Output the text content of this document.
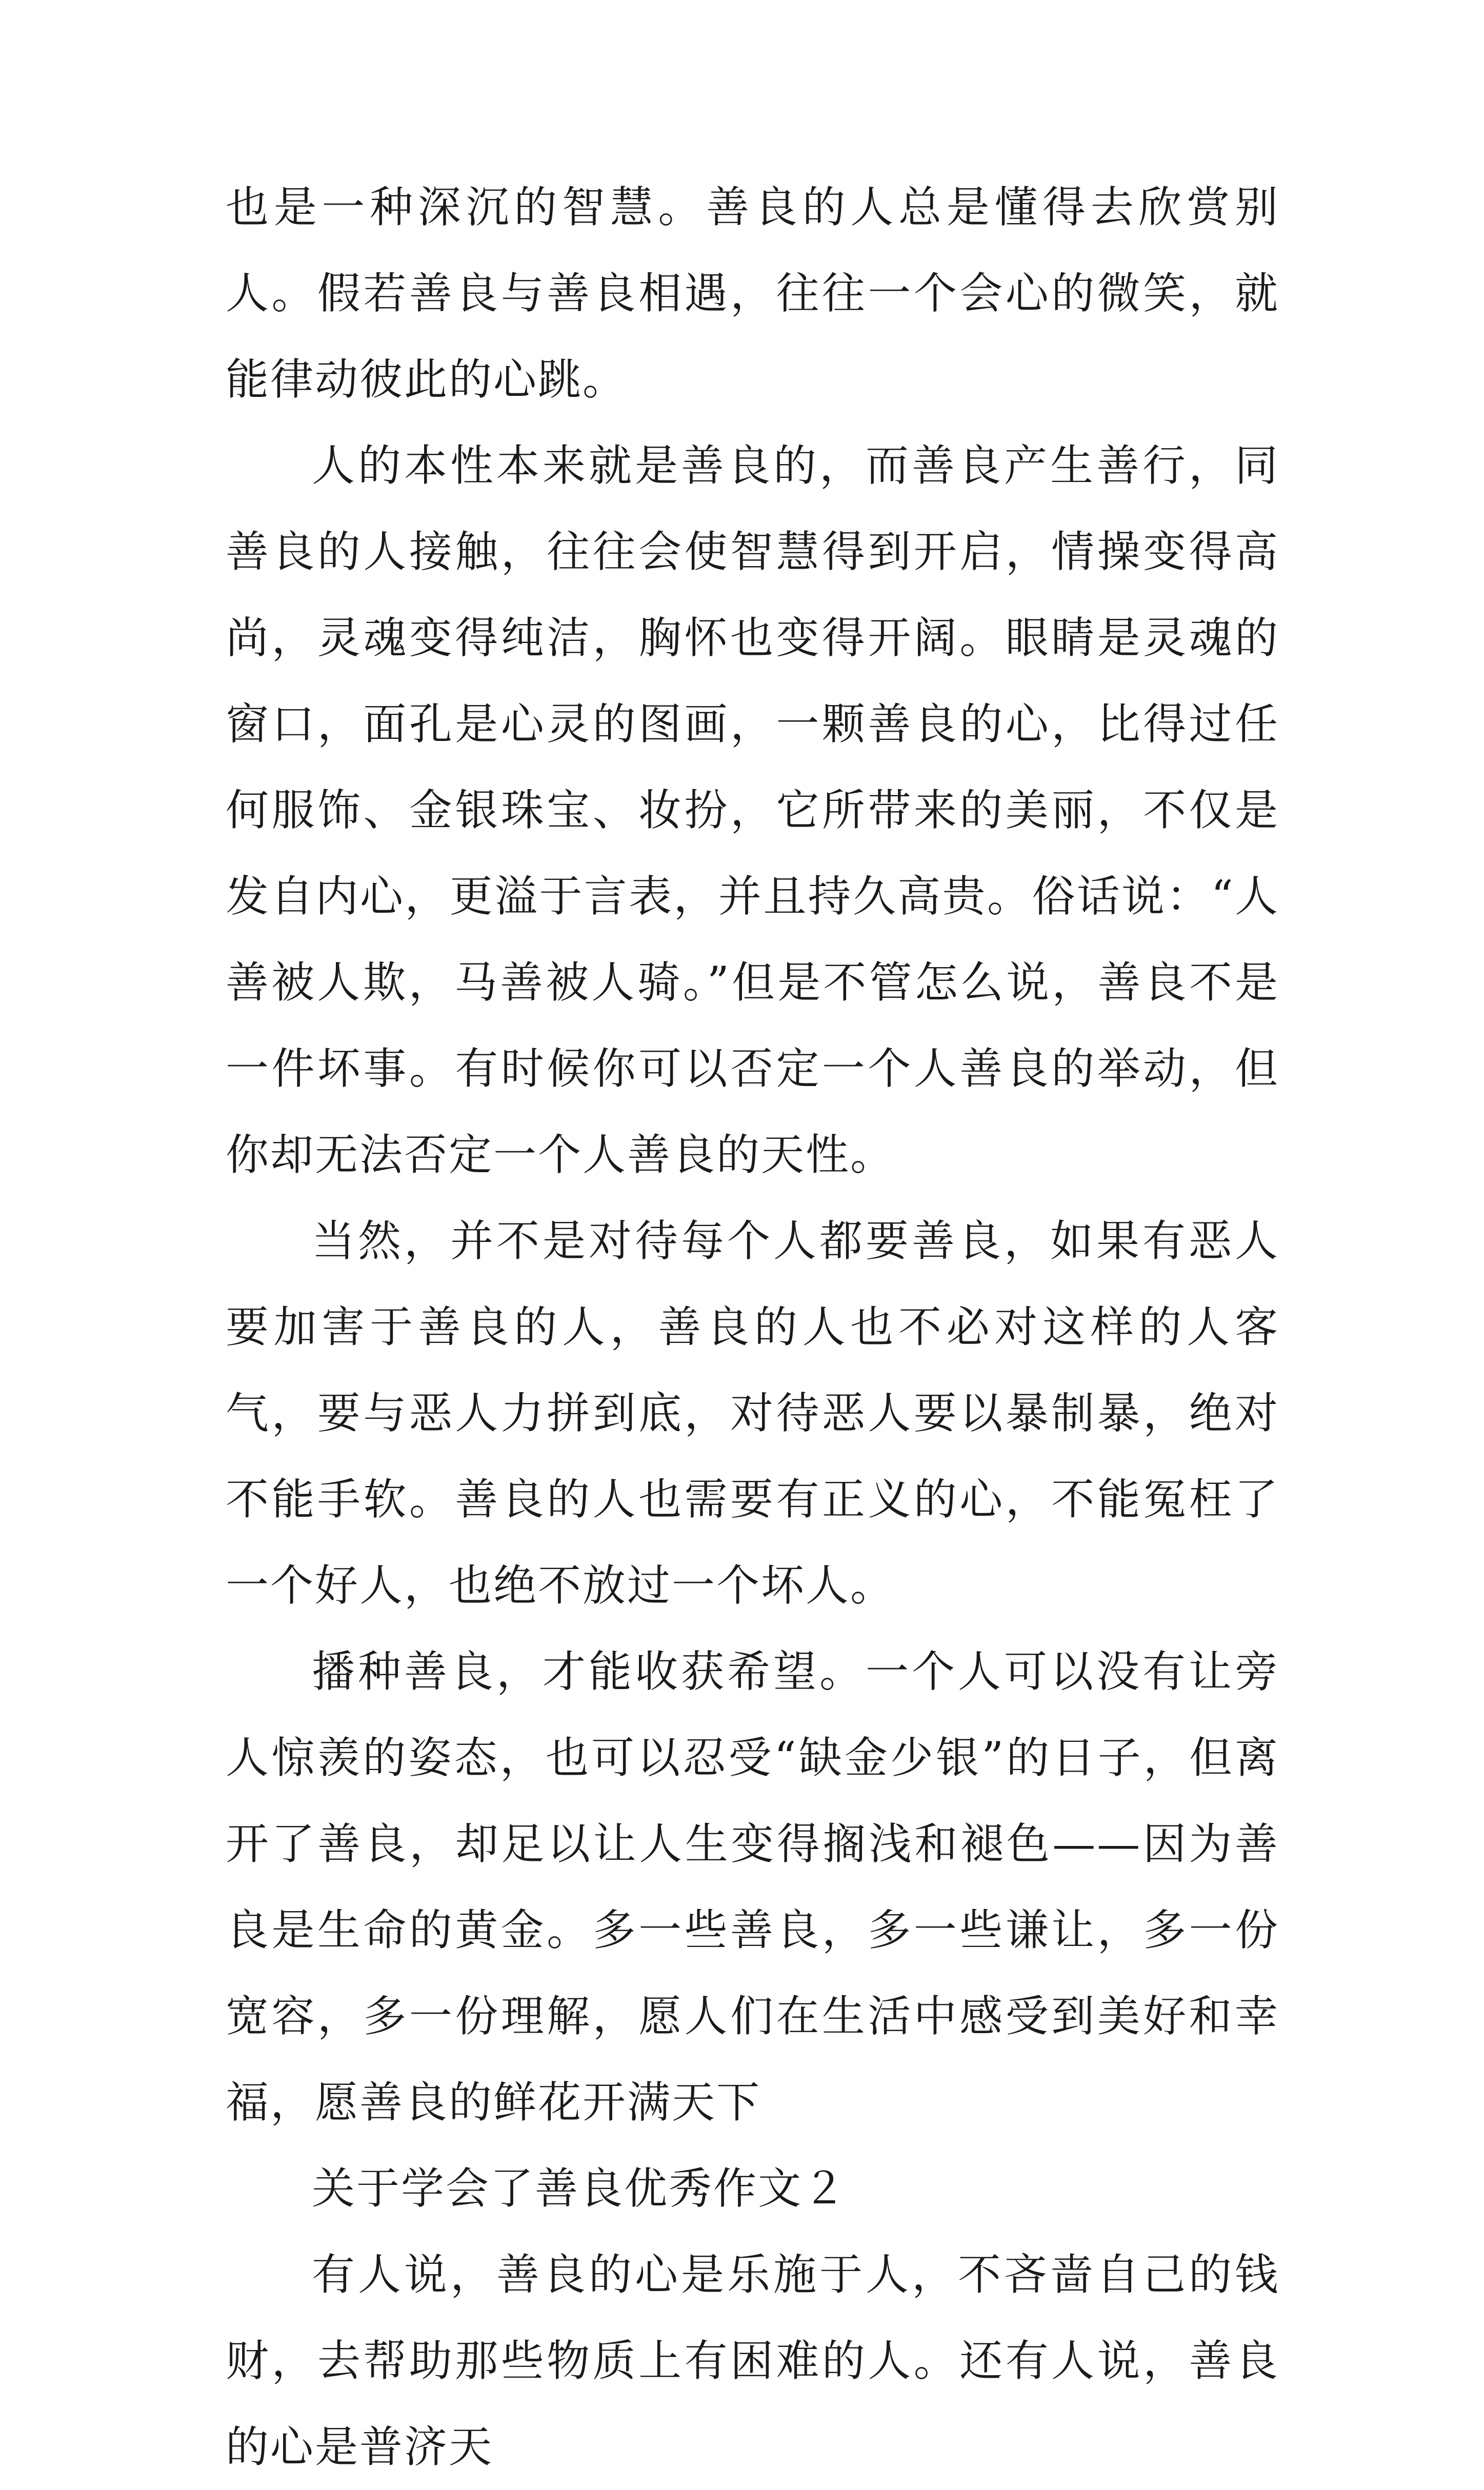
也是一种深沉的智慧。善良的人总是懂得去欣赏别人。假若善良与善良相遇，往往一个会心的微笑，就能律动彼此的心跳。

人的本性本来就是善良的，而善良产生善行，同善良的人接触，往往会使智慧得到开启，情操变得高尚，灵魂变得纯洁，胸怀也变得开阔。眼睛是灵魂的窗口，面孔是心灵的图画，一颗善良的心，比得过任何服饰、金银珠宝、妆扮，它所带来的美丽，不仅是发自内心，更溢于言表，并且持久高贵。俗话说：“人善被人欺，马善被人骑。”但是不管怎么说，善良不是一件坏事。有时候你可以否定一个人善良的举动，但你却无法否定一个人善良的天性。

当然，并不是对待每个人都要善良，如果有恶人要加害于善良的人，善良的人也不必对这样的人客气，要与恶人力拼到底，对待恶人要以暴制暴，绝对不能手软。善良的人也需要有正义的心，不能冤枉了一个好人，也绝不放过一个坏人。

播种善良，才能收获希望。一个人可以没有让旁人惊羡的姿态，也可以忍受“缺金少银”的日子，但离开了善良，却足以让人生变得搁浅和褪色——因为善良是生命的黄金。多一些善良，多一些谦让，多一份宽容，多一份理解，愿人们在生活中感受到美好和幸福，愿善良的鲜花开满天下

关于学会了善良优秀作文２

有人说，善良的心是乐施于人，不吝啬自己的钱财，去帮助那些物质上有困难的人。还有人说，善良的心是普济天
